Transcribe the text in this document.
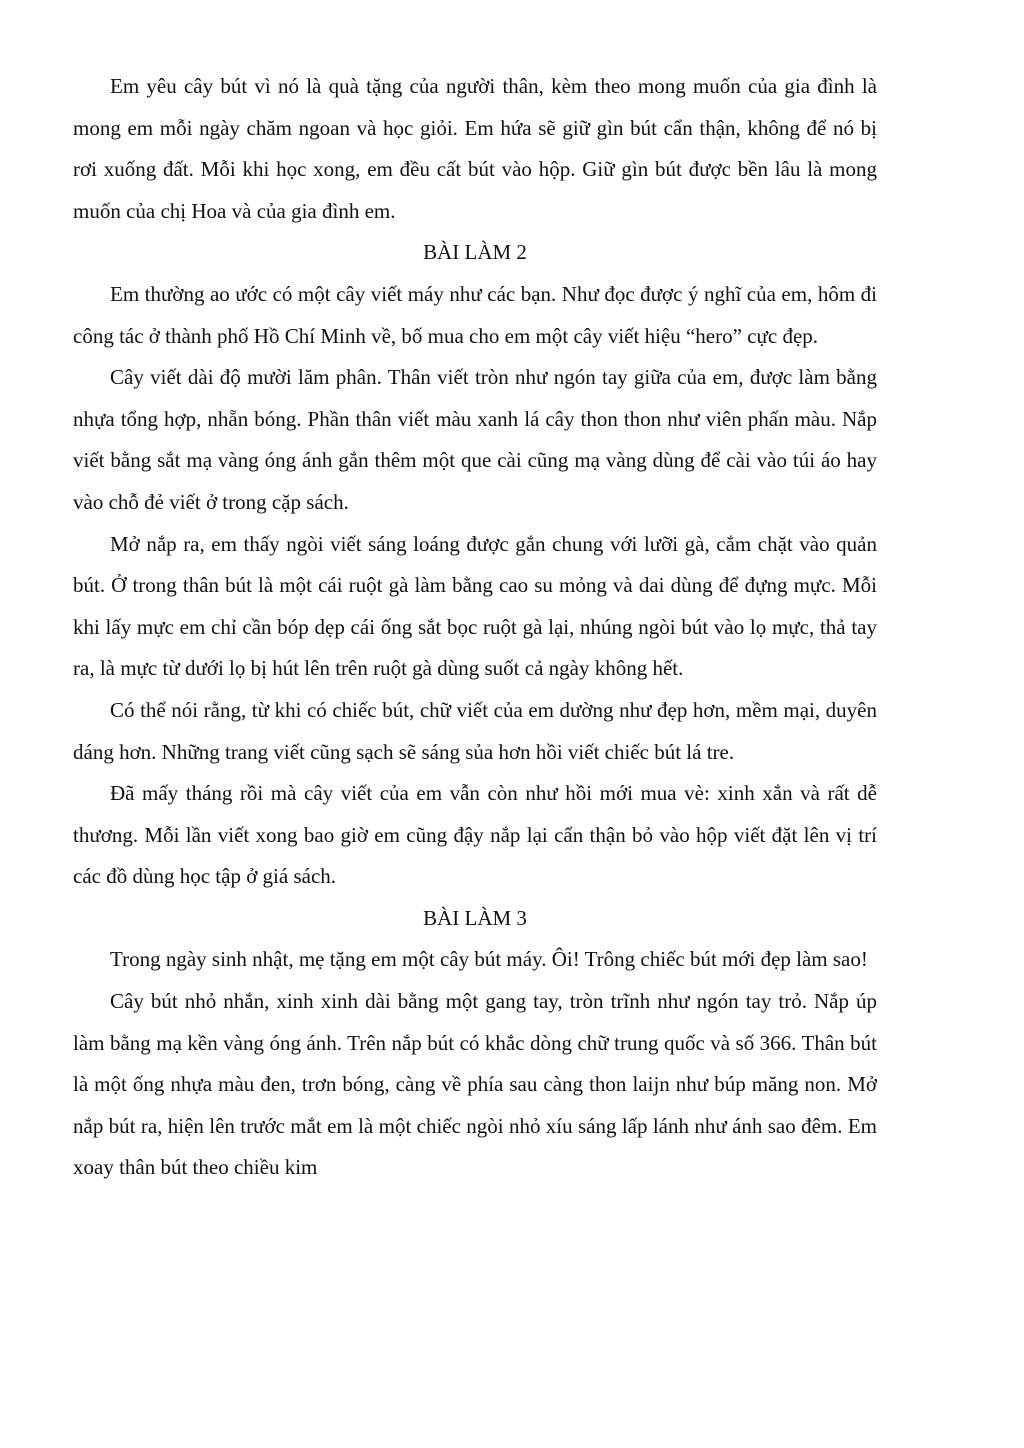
Em yêu cây bút vì nó là quà tặng của người thân, kèm theo mong muốn của gia đình là mong em mỗi ngày chăm ngoan và học giỏi. Em hứa sẽ giữ gìn bút cẩn thận, không để nó bị rơi xuống đất. Mỗi khi học xong, em đều cất bút vào hộp. Giữ gìn bút được bền lâu là mong muốn của chị Hoa và của gia đình em.

BÀI LÀM 2

Em thường ao ước có một cây viết máy như các bạn. Như đọc được ý nghĩ của em, hôm đi công tác ở thành phố Hồ Chí Minh về, bố mua cho em một cây viết hiệu “hero” cực đẹp.

Cây viết dài độ mười lăm phân. Thân viết tròn như ngón tay giữa của em, được làm bằng nhựa tổng hợp, nhẵn bóng. Phần thân viết màu xanh lá cây thon thon như viên phấn màu. Nắp viết bằng sắt mạ vàng óng ánh gắn thêm một que cài cũng mạ vàng dùng để cài vào túi áo hay vào chỗ đẻ viết ở trong cặp sách.

Mở nắp ra, em thấy ngòi viết sáng loáng được gắn chung với lưỡi gà, cắm chặt vào quản bút. Ở trong thân bút là một cái ruột gà làm bằng cao su mỏng và dai dùng để đựng mực. Mỗi khi lấy mực em chỉ cần bóp dẹp cái ống sắt bọc ruột gà lại, nhúng ngòi bút vào lọ mực, thả tay ra, là mực từ dưới lọ bị hút lên trên ruột gà dùng suốt cả ngày không hết.

Có thể nói rằng, từ khi có chiếc bút, chữ viết của em dường như đẹp hơn, mềm mại, duyên dáng hơn. Những trang viết cũng sạch sẽ sáng sủa hơn hồi viết chiếc bút lá tre.

Đã mấy tháng rồi mà cây viết của em vẫn còn như hồi mới mua vè: xinh xắn và rất dễ thương. Mỗi lần viết xong bao giờ em cũng đậy nắp lại cẩn thận bỏ vào hộp viết đặt lên vị trí các đồ dùng học tập ở giá sách.

BÀI LÀM 3

Trong ngày sinh nhật, mẹ tặng em một cây bút máy. Ôi! Trông chiếc bút mới đẹp làm sao!

Cây bút nhỏ nhắn, xinh xinh dài bằng một gang tay, tròn trĩnh như ngón tay trỏ. Nắp úp làm bằng mạ kền vàng óng ánh. Trên nắp bút có khắc dòng chữ trung quốc và số 366. Thân bút là một ống nhựa màu đen, trơn bóng, càng về phía sau càng thon laijn như búp măng non. Mở nắp bút ra, hiện lên trước mắt em là một chiếc ngòi nhỏ xíu sáng lấp lánh như ánh sao đêm. Em xoay thân bút theo chiều kim
